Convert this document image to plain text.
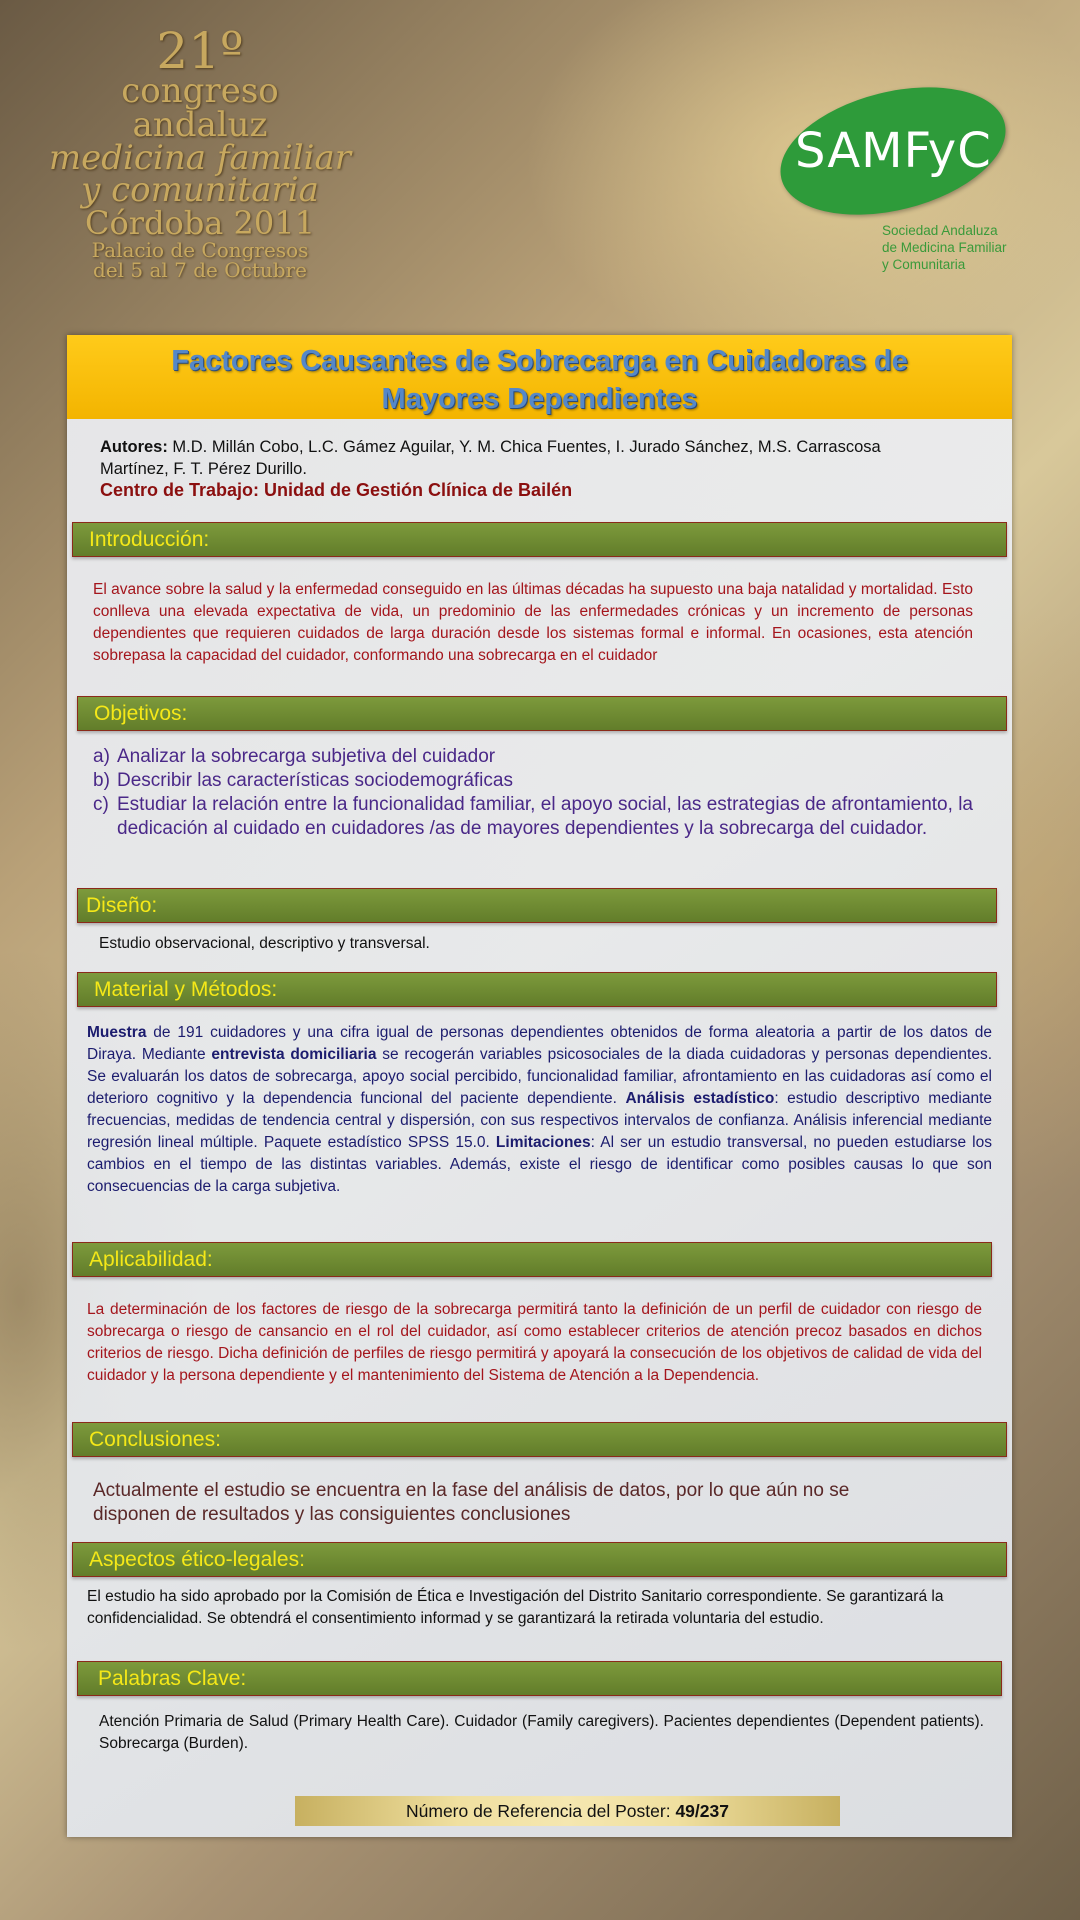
21º
congreso
andaluz
medicina familiar
y comunitaria
Córdoba 2011
Palacio de Congresos
del 5 al 7 de Octubre
SAMFyC
Sociedad Andaluza
de Medicina Familiar
y Comunitaria
Factores Causantes de Sobrecarga en Cuidadoras de
Mayores Dependientes
Autores: M.D. Millán Cobo, L.C. Gámez Aguilar, Y. M. Chica Fuentes, I. Jurado Sánchez, M.S. Carrascosa Martínez, F. T. Pérez Durillo.
Centro de Trabajo: Unidad de Gestión Clínica de Bailén
Introducción:
El avance sobre la salud y la enfermedad conseguido en las últimas décadas ha supuesto una baja natalidad y mortalidad. Esto conlleva una elevada expectativa de vida, un predominio de las enfermedades crónicas y un incremento de personas dependientes que requieren cuidados de larga duración desde los sistemas formal e informal. En ocasiones, esta atención sobrepasa la capacidad del cuidador, conformando una sobrecarga en el cuidador
Objetivos:
a) Analizar la sobrecarga subjetiva del cuidador
b) Describir las características sociodemográficas
c) Estudiar la relación entre la funcionalidad familiar, el apoyo social, las estrategias de afrontamiento, la dedicación al cuidado en cuidadores /as de mayores dependientes y la sobrecarga del cuidador.
Diseño:
Estudio observacional, descriptivo y transversal.
Material y Métodos:
Muestra de 191 cuidadores y una cifra igual de personas dependientes obtenidos de forma aleatoria a partir de los datos de Diraya. Mediante entrevista domiciliaria se recogerán variables psicosociales de la diada cuidadoras y personas dependientes. Se evaluarán los datos de sobrecarga, apoyo social percibido, funcionalidad familiar, afrontamiento en las cuidadoras así como el deterioro cognitivo y la dependencia funcional del paciente dependiente. Análisis estadístico: estudio descriptivo mediante frecuencias, medidas de tendencia central y dispersión, con sus respectivos intervalos de confianza. Análisis inferencial mediante regresión lineal múltiple. Paquete estadístico SPSS 15.0. Limitaciones: Al ser un estudio transversal, no pueden estudiarse los cambios en el tiempo de las distintas variables. Además, existe el riesgo de identificar como posibles causas lo que son consecuencias de la carga subjetiva.
Aplicabilidad:
La determinación de los factores de riesgo de la sobrecarga permitirá tanto la definición de un perfil de cuidador con riesgo de sobrecarga o riesgo de cansancio en el rol del cuidador, así como establecer criterios de atención precoz basados en dichos criterios de riesgo. Dicha definición de perfiles de riesgo permitirá y apoyará la consecución de los objetivos de calidad de vida del cuidador y la persona dependiente y el mantenimiento del Sistema de Atención a la Dependencia.
Conclusiones:
Actualmente el estudio se encuentra en la fase del análisis de datos, por lo que aún no se disponen de resultados y las consiguientes conclusiones
Aspectos ético-legales:
El estudio ha sido aprobado por la Comisión de Ética e Investigación del Distrito Sanitario correspondiente. Se garantizará la confidencialidad. Se obtendrá el consentimiento informad y se garantizará la retirada voluntaria del estudio.
Palabras Clave:
Atención Primaria de Salud (Primary Health Care). Cuidador (Family caregivers). Pacientes dependientes (Dependent patients). Sobrecarga (Burden).
Número de Referencia del Poster: 49/237
